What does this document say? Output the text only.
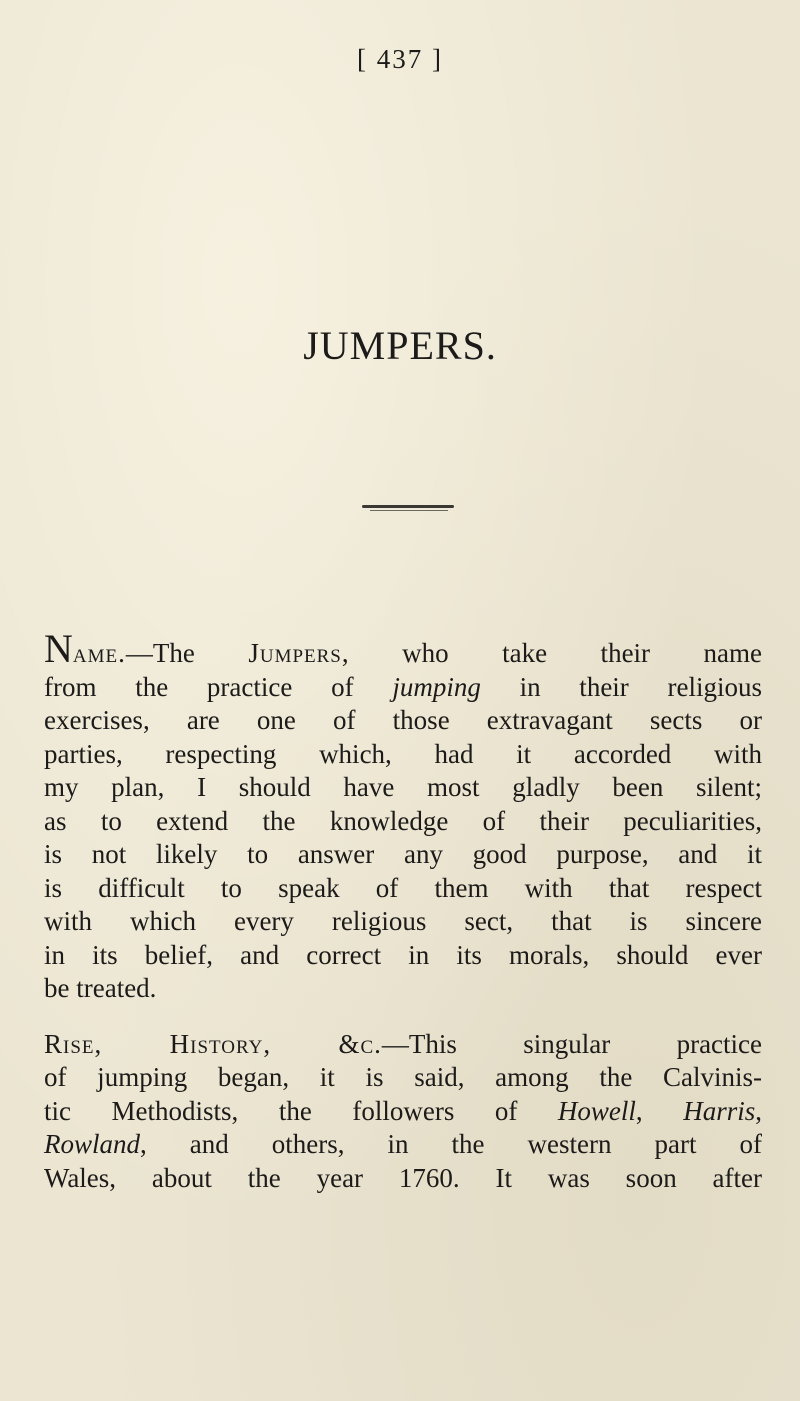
[ 437 ]
JUMPERS.

Name.—The Jumpers, who take their name
from the practice of jumping in their religious
exercises, are one of those extravagant sects or
parties, respecting which, had it accorded with
my plan, I should have most gladly been silent;
as to extend the knowledge of their peculiarities,
is not likely to answer any good purpose, and it
is difficult to speak of them with that respect
with which every religious sect, that is sincere
in its belief, and correct in its morals, should ever
be treated.

Rise, History, &c.—This singular practice
of jumping began, it is said, among the Calvinis-
tic Methodists, the followers of Howell, Harris,
Rowland, and others, in the western part of
Wales, about the year 1760. It was soon after
